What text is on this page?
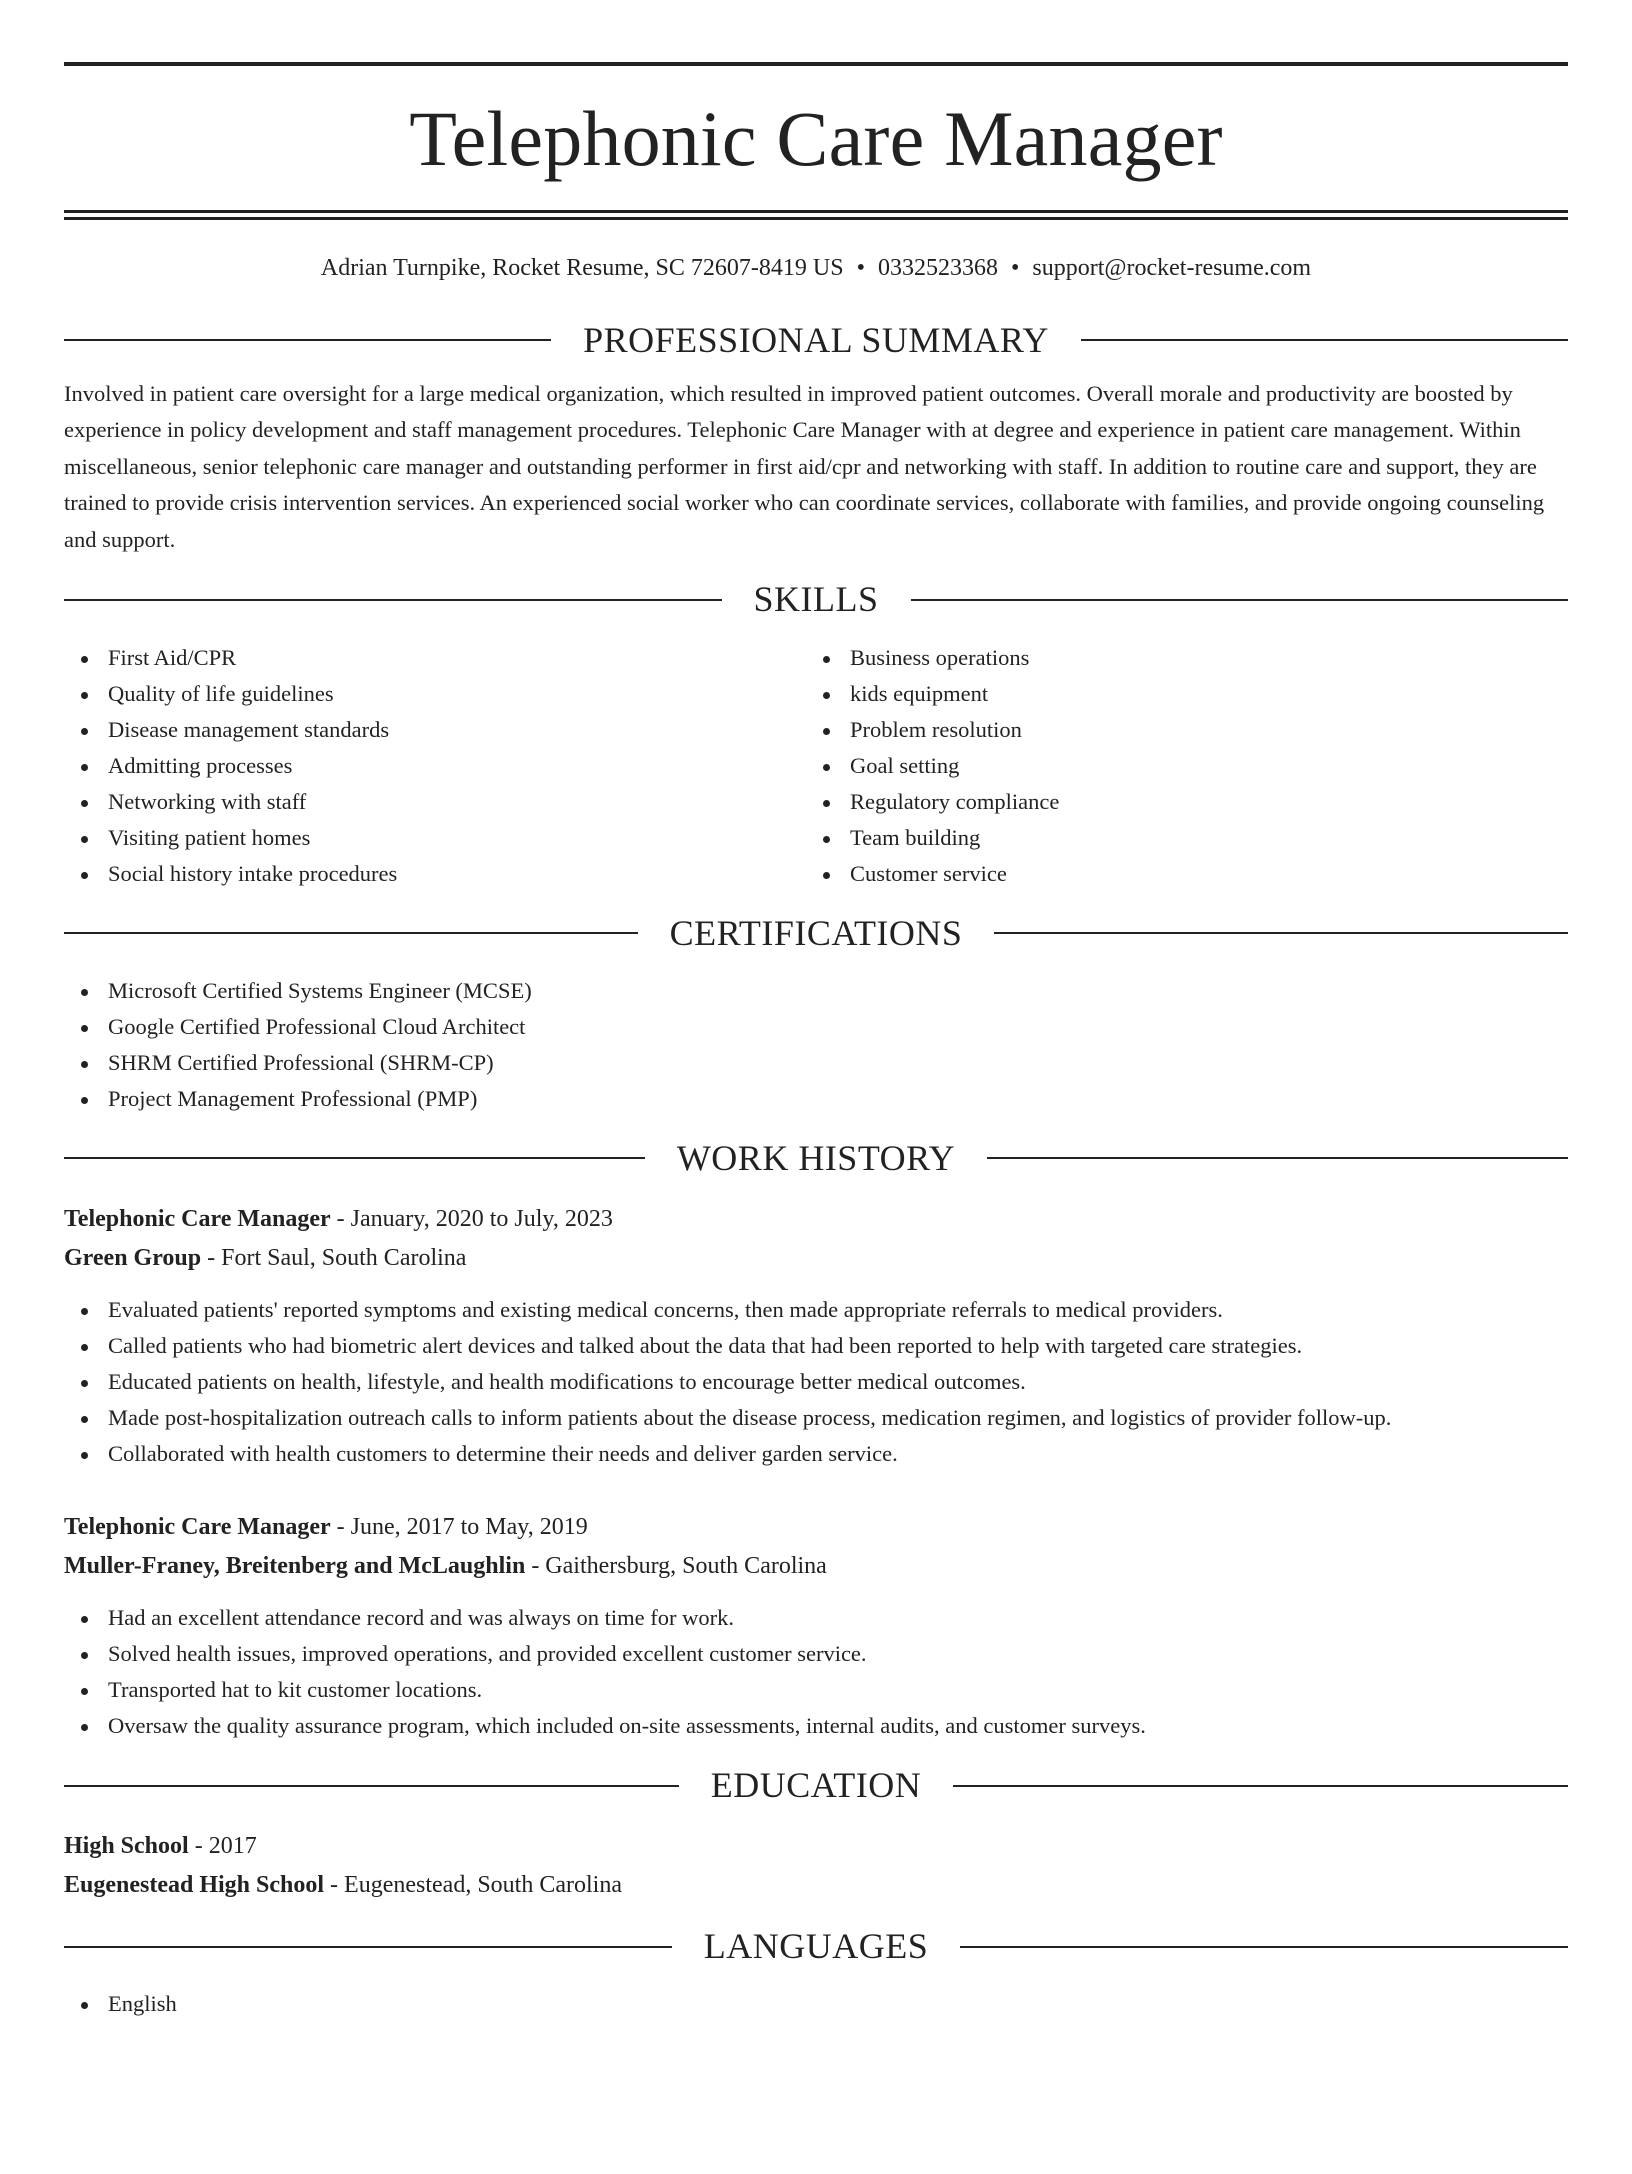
Telephonic Care Manager
Adrian Turnpike, Rocket Resume, SC 72607-8419 US • 0332523368 • support@rocket-resume.com
PROFESSIONAL SUMMARY
Involved in patient care oversight for a large medical organization, which resulted in improved patient outcomes. Overall morale and productivity are boosted by experience in policy development and staff management procedures. Telephonic Care Manager with at degree and experience in patient care management. Within miscellaneous, senior telephonic care manager and outstanding performer in first aid/cpr and networking with staff. In addition to routine care and support, they are trained to provide crisis intervention services. An experienced social worker who can coordinate services, collaborate with families, and provide ongoing counseling and support.
SKILLS
First Aid/CPR
Quality of life guidelines
Disease management standards
Admitting processes
Networking with staff
Visiting patient homes
Social history intake procedures
Business operations
kids equipment
Problem resolution
Goal setting
Regulatory compliance
Team building
Customer service
CERTIFICATIONS
Microsoft Certified Systems Engineer (MCSE)
Google Certified Professional Cloud Architect
SHRM Certified Professional (SHRM-CP)
Project Management Professional (PMP)
WORK HISTORY
Telephonic Care Manager - January, 2020 to July, 2023
Green Group - Fort Saul, South Carolina
Evaluated patients' reported symptoms and existing medical concerns, then made appropriate referrals to medical providers.
Called patients who had biometric alert devices and talked about the data that had been reported to help with targeted care strategies.
Educated patients on health, lifestyle, and health modifications to encourage better medical outcomes.
Made post-hospitalization outreach calls to inform patients about the disease process, medication regimen, and logistics of provider follow-up.
Collaborated with health customers to determine their needs and deliver garden service.
Telephonic Care Manager - June, 2017 to May, 2019
Muller-Franey, Breitenberg and McLaughlin - Gaithersburg, South Carolina
Had an excellent attendance record and was always on time for work.
Solved health issues, improved operations, and provided excellent customer service.
Transported hat to kit customer locations.
Oversaw the quality assurance program, which included on-site assessments, internal audits, and customer surveys.
EDUCATION
High School - 2017
Eugenestead High School - Eugenestead, South Carolina
LANGUAGES
English
